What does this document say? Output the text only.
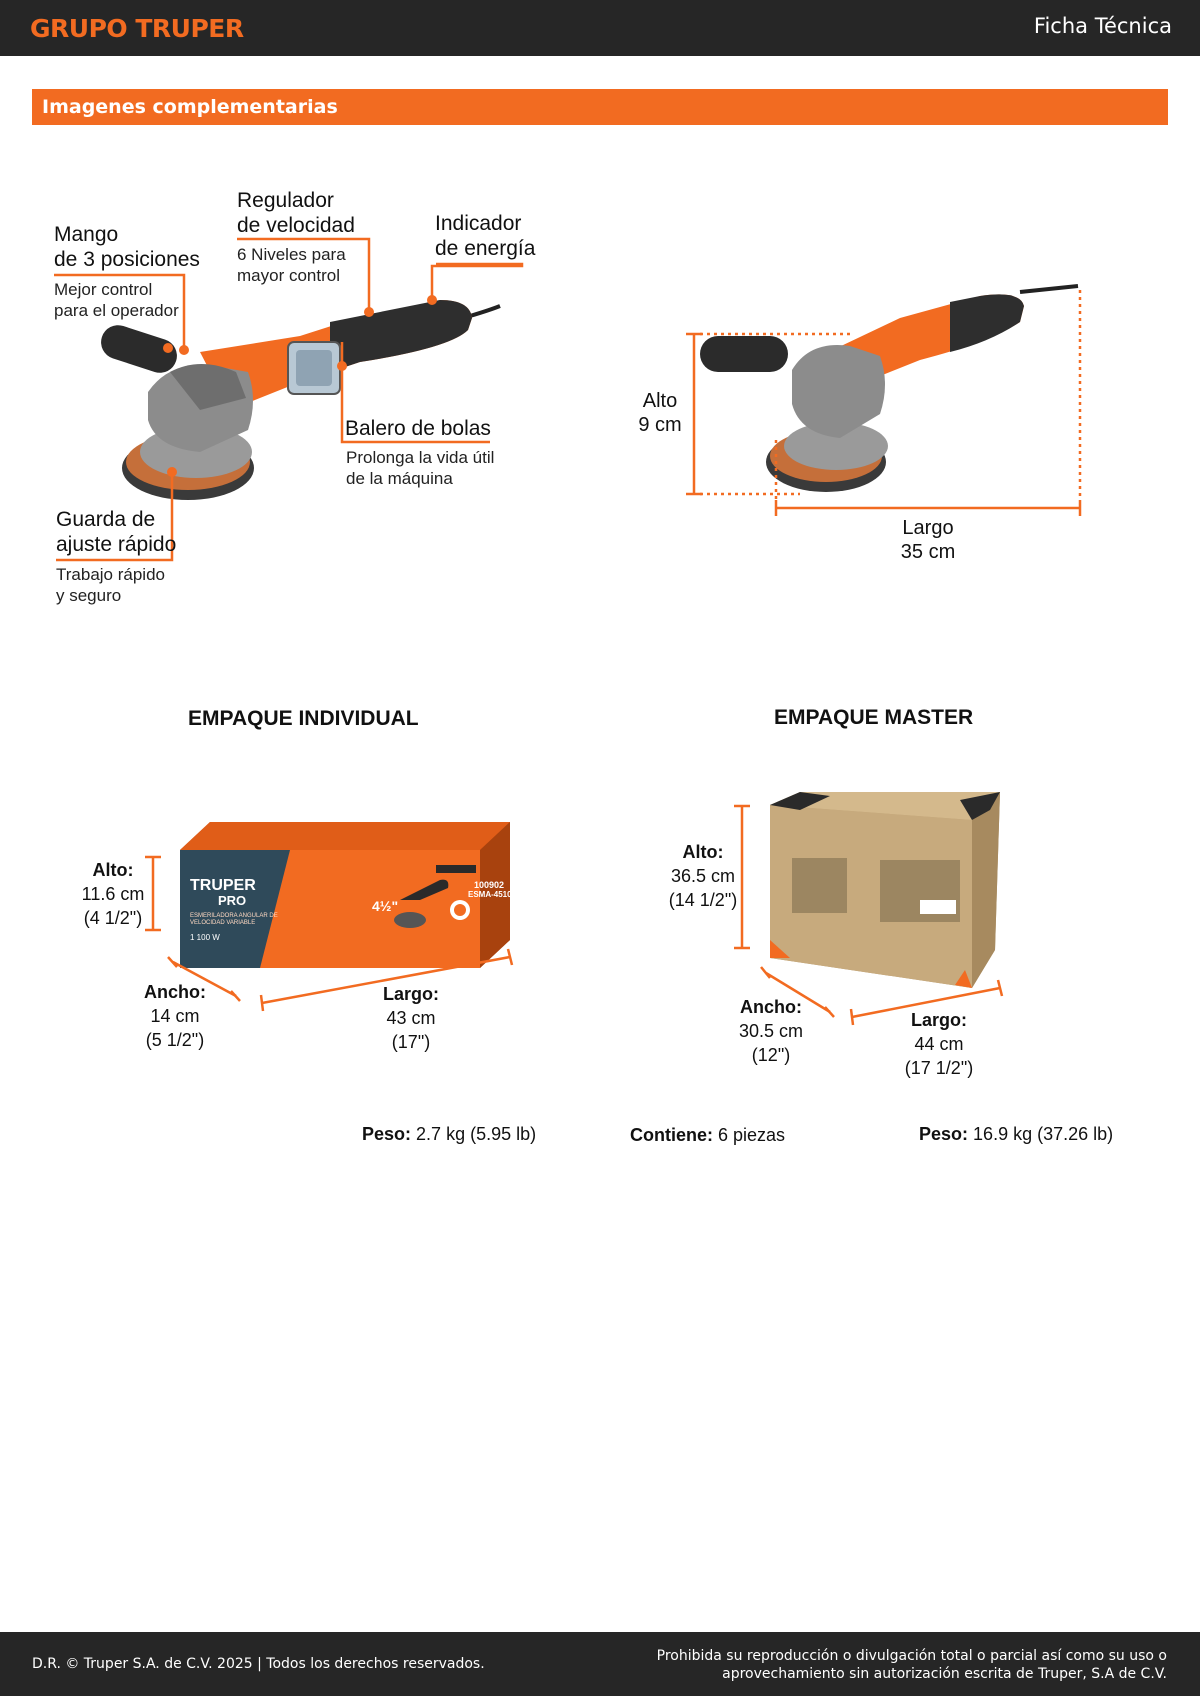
GRUPO TRUPER	Ficha Técnica
Imagenes complementarias
TRUPER
PRO
ESMERILADORA ANGULAR DE VELOCIDAD VARIABLE
1 100 W
4½"
100902
ESMA-4510
Mango
de 3 posiciones
Mejor control
para el operador
Regulador
de velocidad
6 Niveles para
mayor control
Indicador
de energía
Balero de bolas
Prolonga la vida útil
de la máquina
Guarda de
ajuste rápido
Trabajo rápido
y seguro
Alto
9 cm
Largo
35 cm
EMPAQUE INDIVIDUAL	EMPAQUE MASTER
Alto:
11.6 cm
(4 1/2")
Ancho:
14 cm
(5 1/2")
Largo:
43 cm
(17")
Peso: 2.7 kg (5.95 lb)
Alto:
36.5 cm
(14 1/2")
Ancho:
30.5 cm
(12")
Largo:
44 cm
(17 1/2")
Contiene: 6 piezas	Peso: 16.9 kg (37.26 lb)
D.R. © Truper S.A. de C.V. 2025 | Todos los derechos reservados.	Prohibida su reproducción o divulgación total o parcial así como su uso o
aprovechamiento sin autorización escrita de Truper, S.A de C.V.
